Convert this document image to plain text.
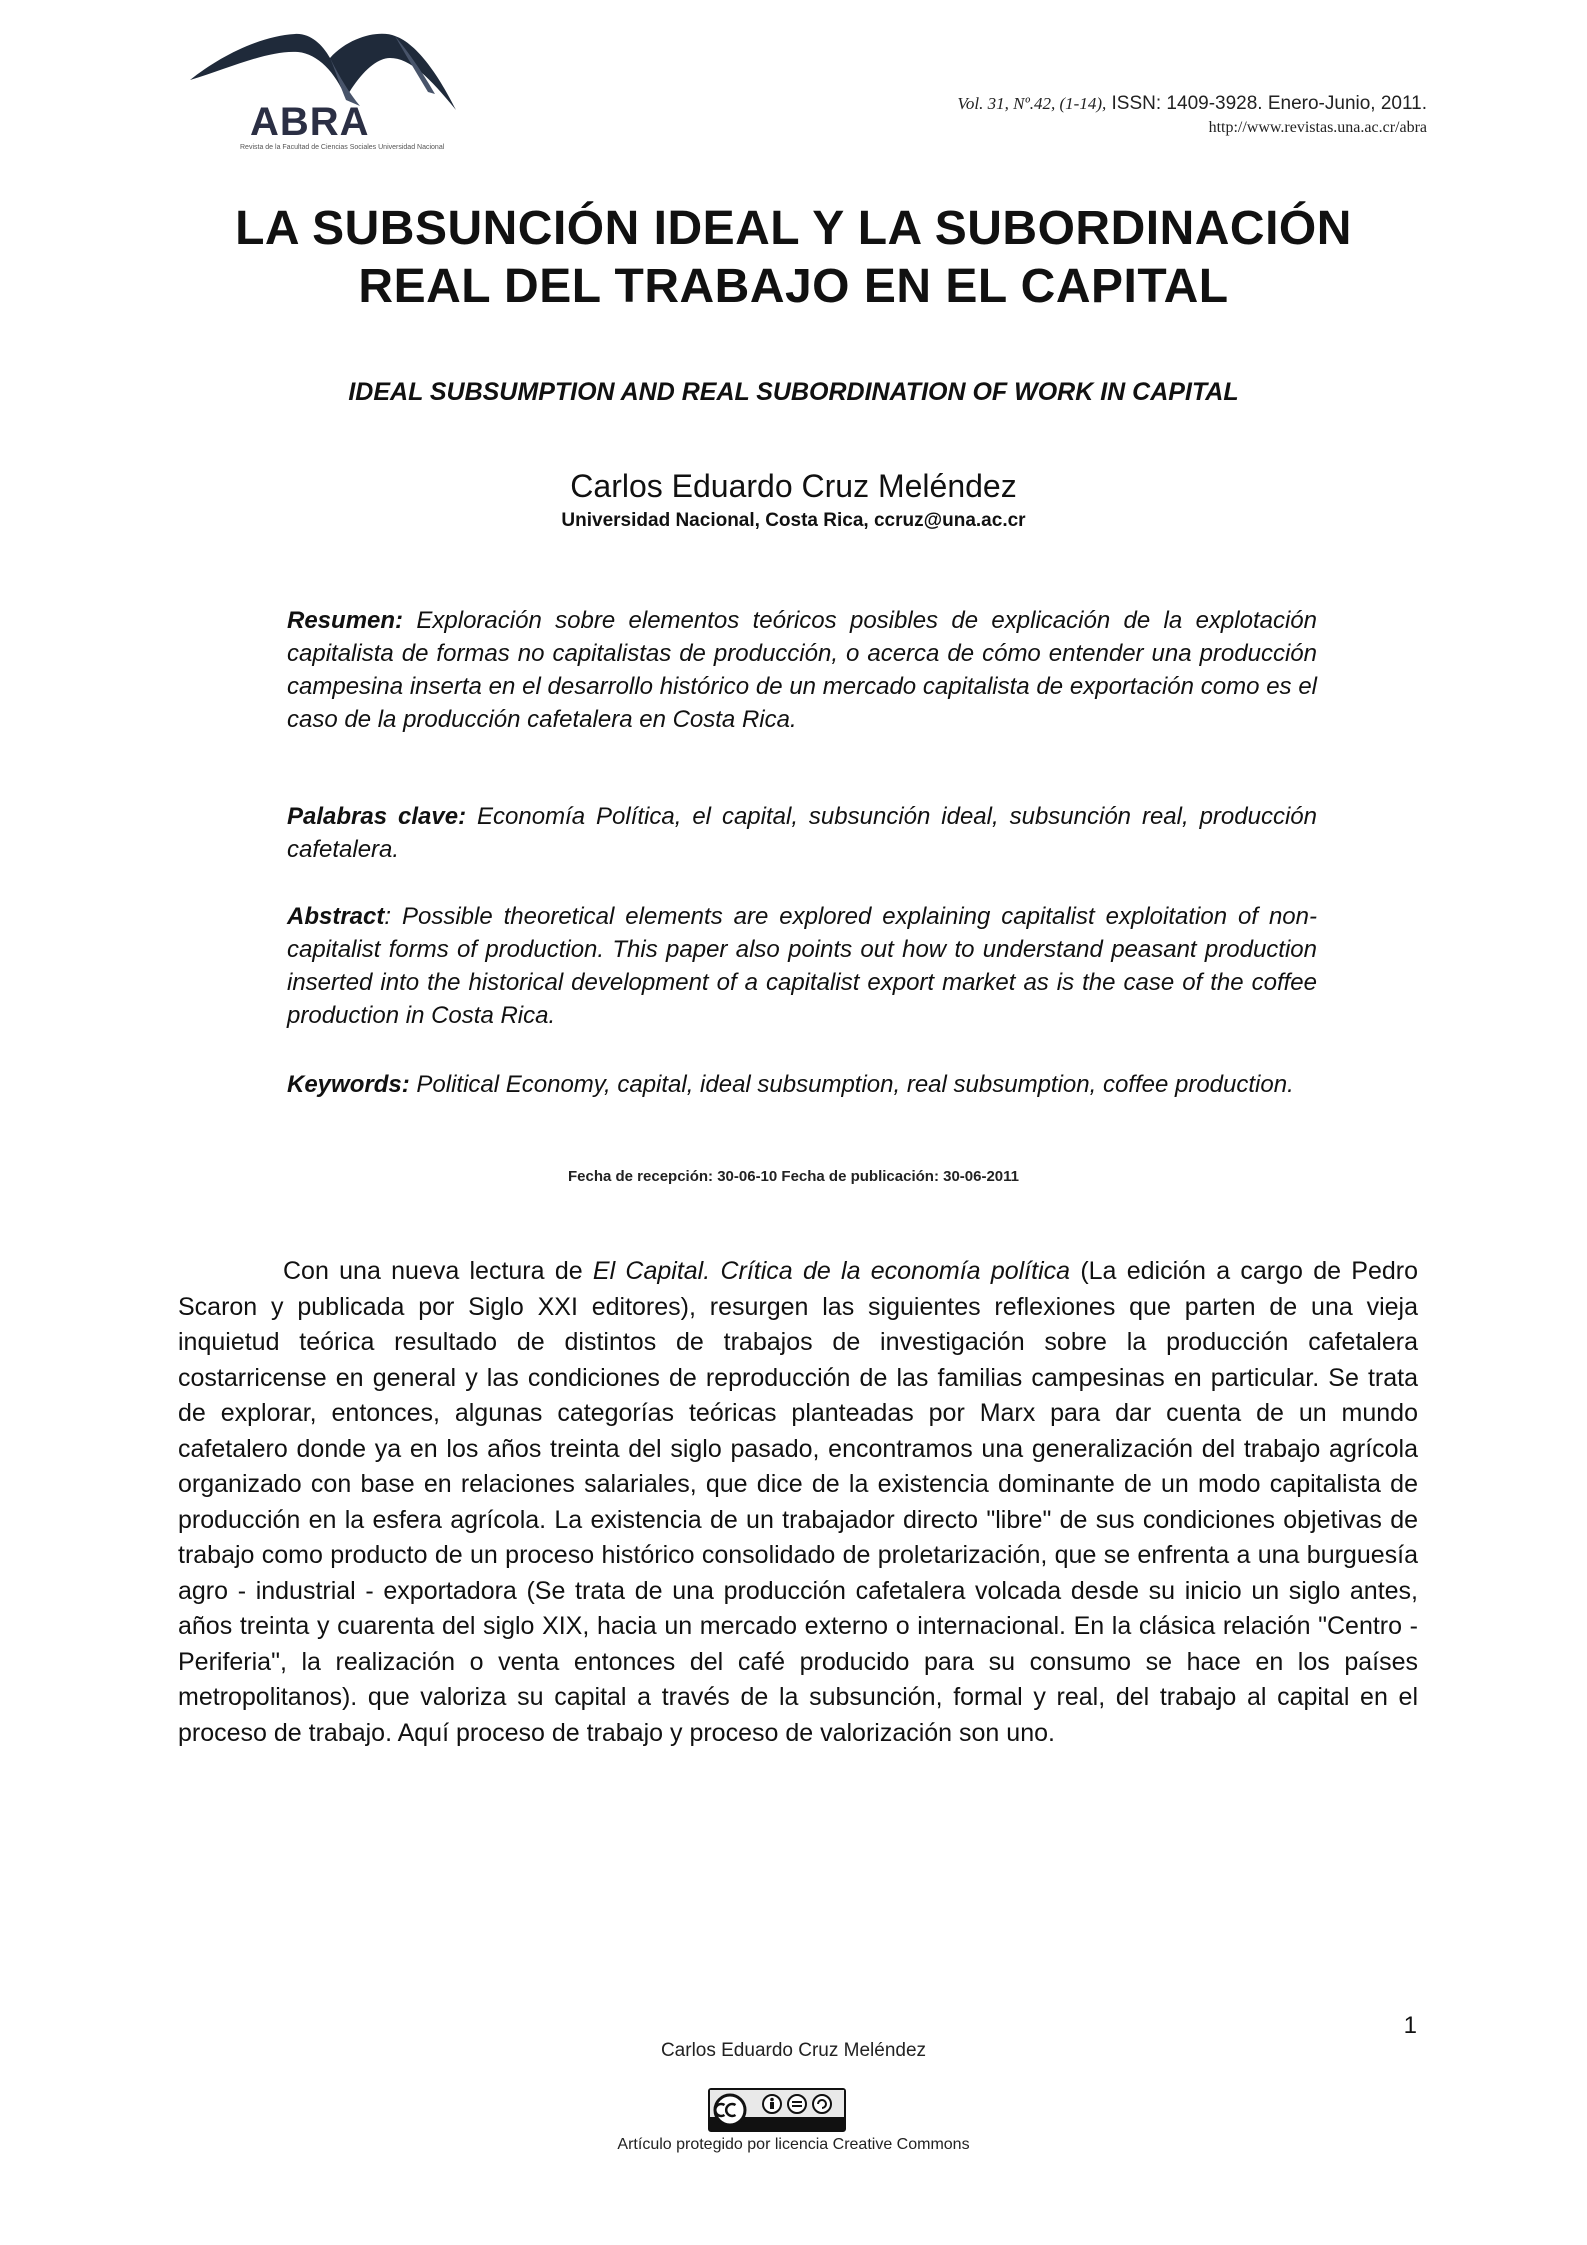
ABRA
Revista de la Facultad de Ciencias Sociales Universidad Nacional
Vol. 31, Nº.42, (1-14), ISSN: 1409-3928. Enero-Junio, 2011.
http://www.revistas.una.ac.cr/abra
LA SUBSUNCIÓN IDEAL Y LA SUBORDINACIÓN
REAL DEL TRABAJO EN EL CAPITAL
IDEAL SUBSUMPTION AND REAL SUBORDINATION OF WORK IN CAPITAL
Carlos Eduardo Cruz Meléndez
Universidad Nacional, Costa Rica, ccruz@una.ac.cr
Resumen: Exploración sobre elementos teóricos posibles de explicación de la explotación capitalista de formas no capitalistas de producción, o acerca de cómo entender una producción campesina inserta en el desarrollo histórico de un mercado capitalista de exportación como es el caso de la producción cafetalera en Costa Rica.
Palabras clave: Economía Política, el capital, subsunción ideal, subsunción real, producción cafetalera.
Abstract: Possible theoretical elements are explored explaining capitalist exploitation of non-capitalist forms of production. This paper also points out how to understand peasant production inserted into the historical development of a capitalist export market as is the case of the coffee production in Costa Rica.
Keywords: Political Economy, capital, ideal subsumption, real subsumption, coffee production.
Fecha de recepción: 30-06-10 Fecha de publicación: 30-06-2011
Con una nueva lectura de El Capital. Crítica de la economía política (La edición a cargo de Pedro Scaron y publicada por Siglo XXI editores), resurgen las siguientes reflexiones que parten de una vieja inquietud teórica resultado de distintos de trabajos de investigación sobre la producción cafetalera costarricense en general y las condiciones de reproducción de las familias campesinas en particular. Se trata de explorar, entonces, algunas categorías teóricas planteadas por Marx para dar cuenta de un mundo cafetalero donde ya en los años treinta del siglo pasado, encontramos una generalización del trabajo agrícola organizado con base en relaciones salariales, que dice de la existencia dominante de un modo capitalista de producción en la esfera agrícola. La existencia de un trabajador directo "libre" de sus condiciones objetivas de trabajo como producto de un proceso histórico consolidado de proletarización, que se enfrenta a una burguesía agro - industrial - exportadora (Se trata de una producción cafetalera volcada desde su inicio un siglo antes, años treinta y cuarenta del siglo XIX, hacia un mercado externo o internacional. En la clásica relación "Centro - Periferia", la realización o venta entonces del café producido para su consumo se hace en los países metropolitanos). que valoriza su capital a través de la subsunción, formal y real, del trabajo al capital en el proceso de trabajo. Aquí proceso de trabajo y proceso de valorización son uno.
1
Carlos Eduardo Cruz Meléndez
Artículo protegido por licencia Creative Commons
